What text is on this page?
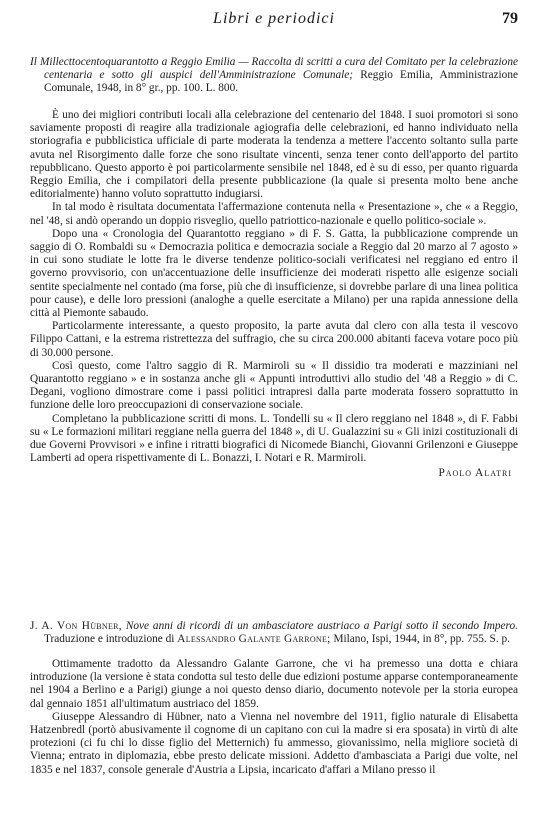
Libri e periodici	79
Il Millecttocentoquarantotto a Reggio Emilia — Raccolta di scritti a cura del Comitato per la celebrazione centenaria e sotto gli auspici dell'Amministrazione Comunale; Reggio Emilia, Amministrazione Comunale, 1948, in 8° gr., pp. 100. L. 800.

È uno dei migliori contributi locali alla celebrazione del centenario del 1848. I suoi promotori si sono saviamente proposti di reagire alla tradizionale agiografia delle celebrazioni, ed hanno individuato nella storiografia e pubblicistica ufficiale di parte moderata la tendenza a mettere l'accento soltanto sulla parte avuta nel Risorgimento dalle forze che sono risultate vincenti, senza tener conto dell'apporto del partito repubblicano. Questo apporto è poi particolarmente sensibile nel 1848, ed è su di esso, per quanto riguarda Reggio Emilia, che i compilatori della presente pubblicazione (la quale si presenta molto bene anche editorialmente) hanno voluto soprattutto indugiarsi.

In tal modo è risultata documentata l'affermazione contenuta nella « Presentazione », che « a Reggio, nel '48, si andò operando un doppio risveglio, quello patriottico-nazionale e quello politico-sociale ».

Dopo una « Cronologia del Quarantotto reggiano » di F. S. Gatta, la pubblicazione comprende un saggio di O. Rombaldi su « Democrazia politica e democrazia sociale a Reggio dal 20 marzo al 7 agosto » in cui sono studiate le lotte fra le diverse tendenze politico-sociali verificatesi nel reggiano ed entro il governo provvisorio, con un'accentuazione delle insufficienze dei moderati rispetto alle esigenze sociali sentite specialmente nel contado (ma forse, più che di insufficienze, si dovrebbe parlare di una linea politica pour cause), e delle loro pressioni (analoghe a quelle esercitate a Milano) per una rapida annessione della città al Piemonte sabaudo.

Particolarmente interessante, a questo proposito, la parte avuta dal clero con alla testa il vescovo Filippo Cattani, e la estrema ristrettezza del suffragio, che su circa 200.000 abitanti faceva votare poco più di 30.000 persone.

Così questo, come l'altro saggio di R. Marmiroli su « Il dissidio tra moderati e mazziniani nel Quarantotto reggiano » e in sostanza anche gli « Appunti introduttivi allo studio del '48 a Reggio » di C. Degani, vogliono dimostrare come i passi politici intrapresi dalla parte moderata fossero soprattutto in funzione delle loro preoccupazioni di conservazione sociale.

Completano la pubblicazione scritti di mons. L. Tondelli su « Il clero reggiano nel 1848 », di F. Fabbi su « Le formazioni militari reggiane nella guerra del 1848 », di U. Gualazzini su « Gli inizi costituzionali di due Governi Provvisori » e infine i ritratti biografici di Nicomede Bianchi, Giovanni Grilenzoni e Giuseppe Lamberti ad opera rispettivamente di L. Bonazzi, I. Notari e R. Marmiroli.

Paolo Alatri
J. A. Von Hübner, Nove anni di ricordi di un ambasciatore austriaco a Parigi sotto il secondo Impero. Traduzione e introduzione di Alessandro Galante Garrone; Milano, Ispi, 1944, in 8°, pp. 755. S. p.

Ottimamente tradotto da Alessandro Galante Garrone, che vi ha premesso una dotta e chiara introduzione (la versione è stata condotta sul testo delle due edizioni postume apparse contemporaneamente nel 1904 a Berlino e a Parigi) giunge a noi questo denso diario, documento notevole per la storia europea dal gennaio 1851 all'ultimatum austriaco del 1859.

Giuseppe Alessandro di Hübner, nato a Vienna nel novembre del 1911, figlio naturale di Elisabetta Hatzenbredl (portò abusivamente il cognome di un capitano con cui la madre si era sposata) in virtù di alte protezioni (ci fu chi lo disse figlio del Metternich) fu ammesso, giovanissimo, nella migliore società di Vienna; entrato in diplomazia, ebbe presto delicate missioni. Addetto d'ambasciata a Parigi due volte, nel 1835 e nel 1837, console generale d'Austria a Lipsia, incaricato d'affari a Milano presso il
